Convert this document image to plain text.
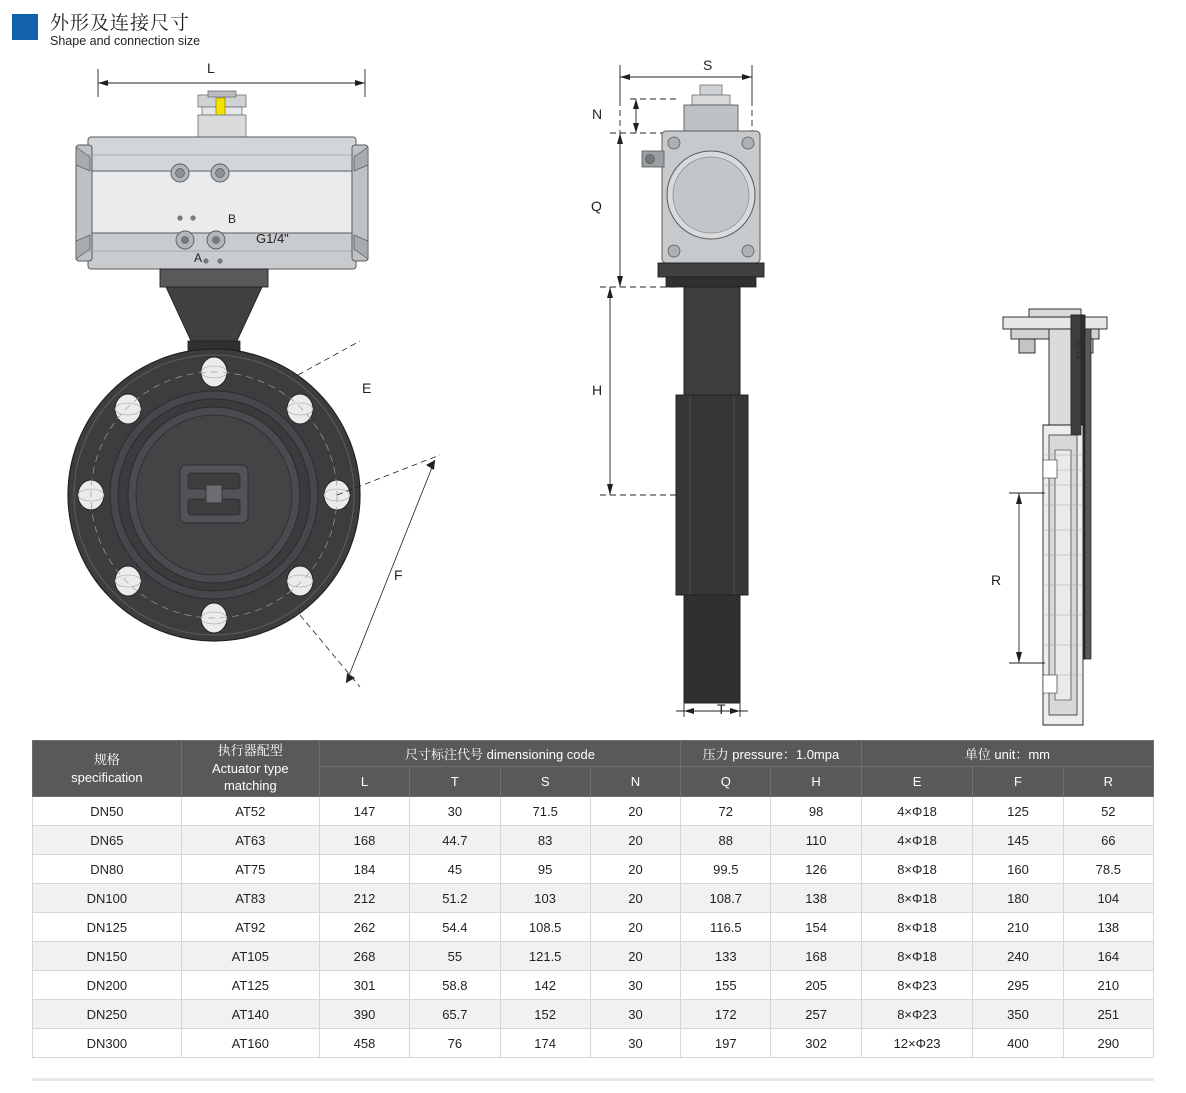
外形及连接尺寸
Shape and connection size
L
E
F
B
A
G1/4"
S
N
Q
H
T
R
规格
specification

执行器配型
Actuator type
matching
	尺寸标注代号 dimensioning code	压力 pressure：1.0mpa	单位 unit：mm
		L	T	S	N	Q	H	E	F	R
DN50	AT52	147	30	71.5	20	72	98	4×Φ18	125	52
DN65	AT63	168	44.7	83	20	88	110	4×Φ18	145	66
DN80	AT75	184	45	95	20	99.5	126	8×Φ18	160	78.5
DN100	AT83	212	51.2	103	20	108.7	138	8×Φ18	180	104
DN125	AT92	262	54.4	108.5	20	116.5	154	8×Φ18	210	138
DN150	AT105	268	55	121.5	20	133	168	8×Φ18	240	164
DN200	AT125	301	58.8	142	30	155	205	8×Φ23	295	210
DN250	AT140	390	65.7	152	30	172	257	8×Φ23	350	251
DN300	AT160	458	76	174	30	197	302	12×Φ23	400	290
